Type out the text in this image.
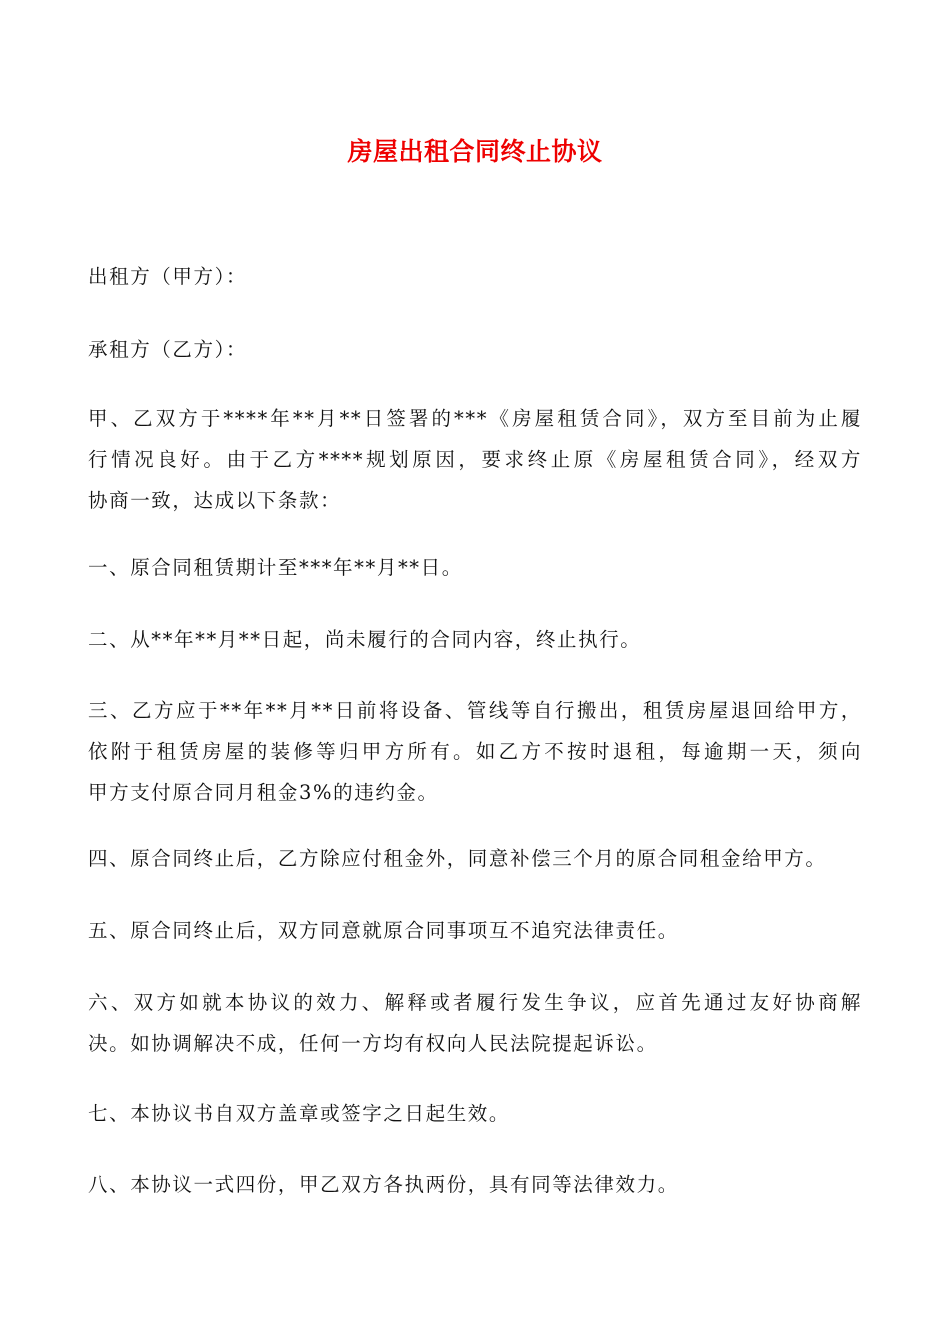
房屋出租合同终止协议

出租方（甲方）：

承租方（乙方）：

甲、乙双方于****年**月**日签署的***《房屋租赁合同》，双方至目前为止履
行情况良好。由于乙方****规划原因，要求终止原《房屋租赁合同》，经双方
协商一致，达成以下条款：

一、原合同租赁期计至***年**月**日。

二、从**年**月**日起，尚未履行的合同内容，终止执行。

三、乙方应于**年**月**日前将设备、管线等自行搬出，租赁房屋退回给甲方，
依附于租赁房屋的装修等归甲方所有。如乙方不按时退租，每逾期一天，须向
甲方支付原合同月租金3%的违约金。

四、原合同终止后，乙方除应付租金外，同意补偿三个月的原合同租金给甲方。

五、原合同终止后，双方同意就原合同事项互不追究法律责任。

六、双方如就本协议的效力、解释或者履行发生争议，应首先通过友好协商解
决。如协调解决不成，任何一方均有权向人民法院提起诉讼。

七、本协议书自双方盖章或签字之日起生效。

八、本协议一式四份，甲乙双方各执两份，具有同等法律效力。
